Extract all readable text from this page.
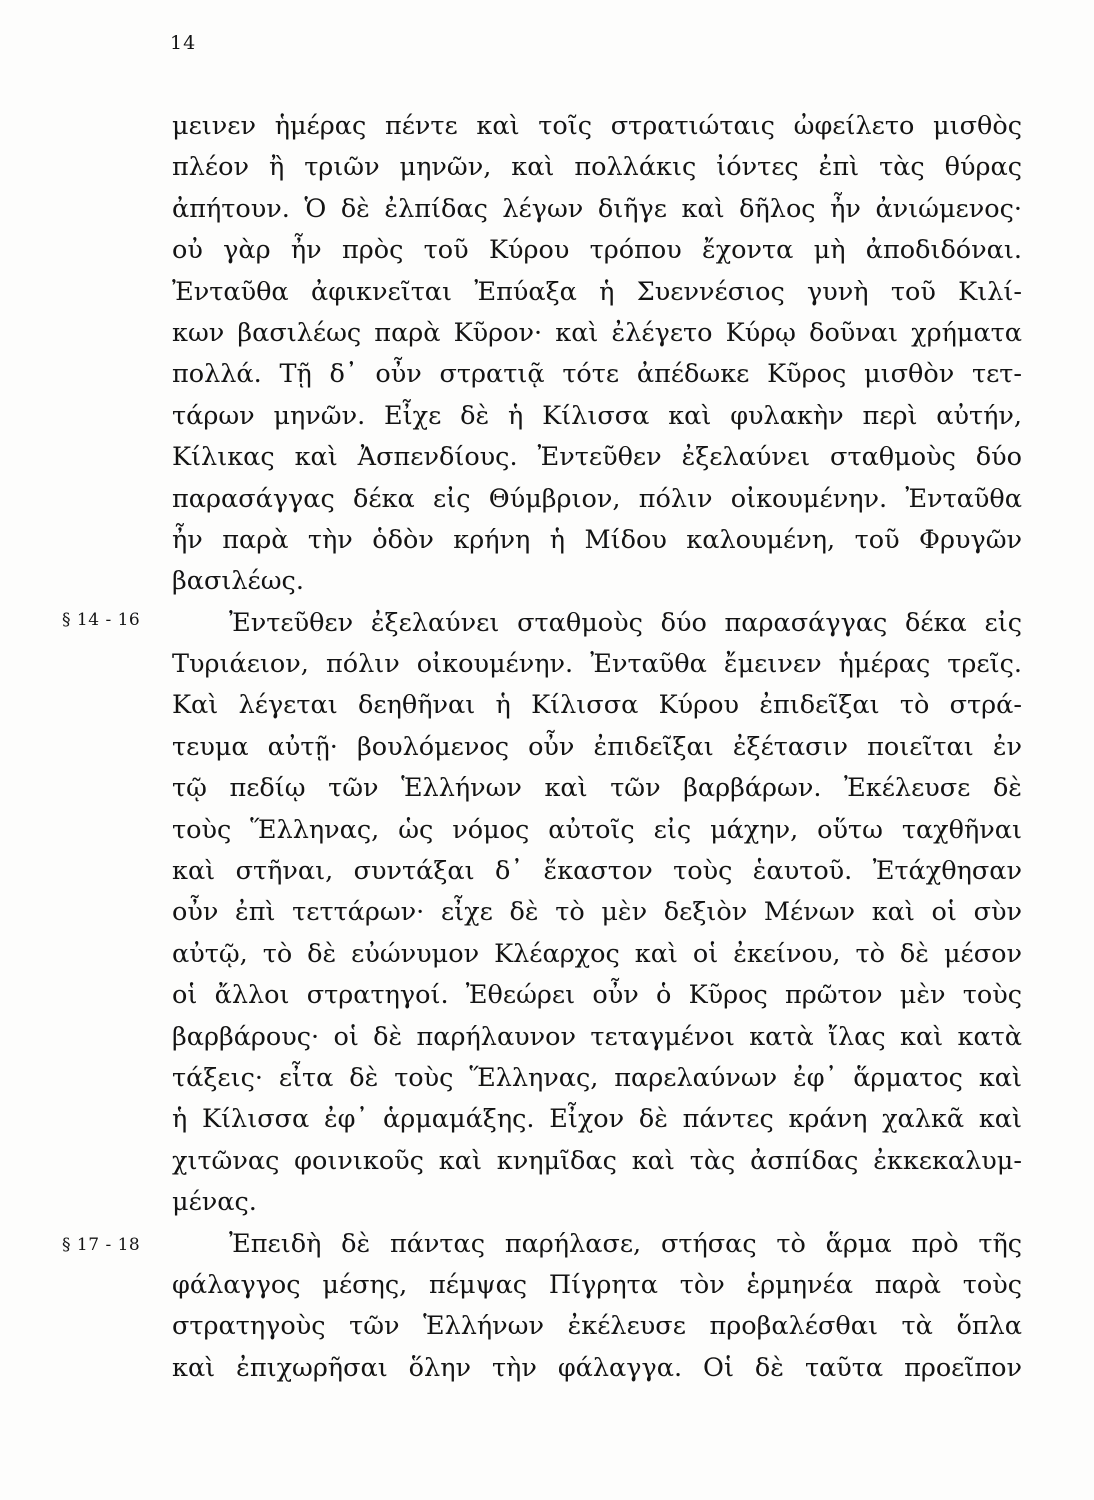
14
§ 14 - 16
§ 17 - 18
μεινεν ἡμέρας πέντε καὶ τοῖς στρατιώταις ὠφείλετο μισθὸς
πλέον ἢ τριῶν μηνῶν, καὶ πολλάκις ἰόντες ἐπὶ τὰς θύρας
ἀπήτουν. Ὁ δὲ ἐλπίδας λέγων διῆγε καὶ δῆλος ἦν ἀνιώμενος·
οὐ γὰρ ἦν πρὸς τοῦ Κύρου τρόπου ἔχοντα μὴ ἀποδιδόναι.
Ἐνταῦθα ἀφικνεῖται Ἐπύαξα ἡ Συεννέσιος γυνὴ τοῦ Κιλί-
κων βασιλέως παρὰ Κῦρον· καὶ ἐλέγετο Κύρῳ δοῦναι χρήματα
πολλά. Τῇ δ᾽ οὖν στρατιᾷ τότε ἀπέδωκε Κῦρος μισθὸν τετ-
τάρων μηνῶν. Εἶχε δὲ ἡ Κίλισσα καὶ φυλακὴν περὶ αὐτήν,
Κίλικας καὶ Ἀσπενδίους. Ἐντεῦθεν ἐξελαύνει σταθμοὺς δύο
παρασάγγας δέκα εἰς Θύμβριον, πόλιν οἰκουμένην. Ἐνταῦθα
ἦν παρὰ τὴν ὁδὸν κρήνη ἡ Μίδου καλουμένη, τοῦ Φρυγῶν
βασιλέως.
Ἐντεῦθεν ἐξελαύνει σταθμοὺς δύο παρασάγγας δέκα εἰς
Τυριάειον, πόλιν οἰκουμένην. Ἐνταῦθα ἔμεινεν ἡμέρας τρεῖς.
Καὶ λέγεται δεηθῆναι ἡ Κίλισσα Κύρου ἐπιδεῖξαι τὸ στρά-
τευμα αὐτῇ· βουλόμενος οὖν ἐπιδεῖξαι ἐξέτασιν ποιεῖται ἐν
τῷ πεδίῳ τῶν Ἑλλήνων καὶ τῶν βαρβάρων. Ἐκέλευσε δὲ
τοὺς Ἕλληνας, ὡς νόμος αὐτοῖς εἰς μάχην, οὕτω ταχθῆναι
καὶ στῆναι, συντάξαι δ᾽ ἕκαστον τοὺς ἑαυτοῦ. Ἐτάχθησαν
οὖν ἐπὶ τεττάρων· εἶχε δὲ τὸ μὲν δεξιὸν Μένων καὶ οἱ σὺν
αὐτῷ, τὸ δὲ εὐώνυμον Κλέαρχος καὶ οἱ ἐκείνου, τὸ δὲ μέσον
οἱ ἄλλοι στρατηγοί. Ἐθεώρει οὖν ὁ Κῦρος πρῶτον μὲν τοὺς
βαρβάρους· οἱ δὲ παρήλαυνον τεταγμένοι κατὰ ἴλας καὶ κατὰ
τάξεις· εἶτα δὲ τοὺς Ἕλληνας, παρελαύνων ἐφ᾽ ἅρματος καὶ
ἡ Κίλισσα ἐφ᾽ ἁρμαμάξης. Εἶχον δὲ πάντες κράνη χαλκᾶ καὶ
χιτῶνας φοινικοῦς καὶ κνημῖδας καὶ τὰς ἀσπίδας ἐκκεκαλυμ-
μένας.
Ἐπειδὴ δὲ πάντας παρήλασε, στήσας τὸ ἅρμα πρὸ τῆς
φάλαγγος μέσης, πέμψας Πίγρητα τὸν ἑρμηνέα παρὰ τοὺς
στρατηγοὺς τῶν Ἑλλήνων ἐκέλευσε προβαλέσθαι τὰ ὅπλα
καὶ ἐπιχωρῆσαι ὅλην τὴν φάλαγγα. Οἱ δὲ ταῦτα προεῖπον
